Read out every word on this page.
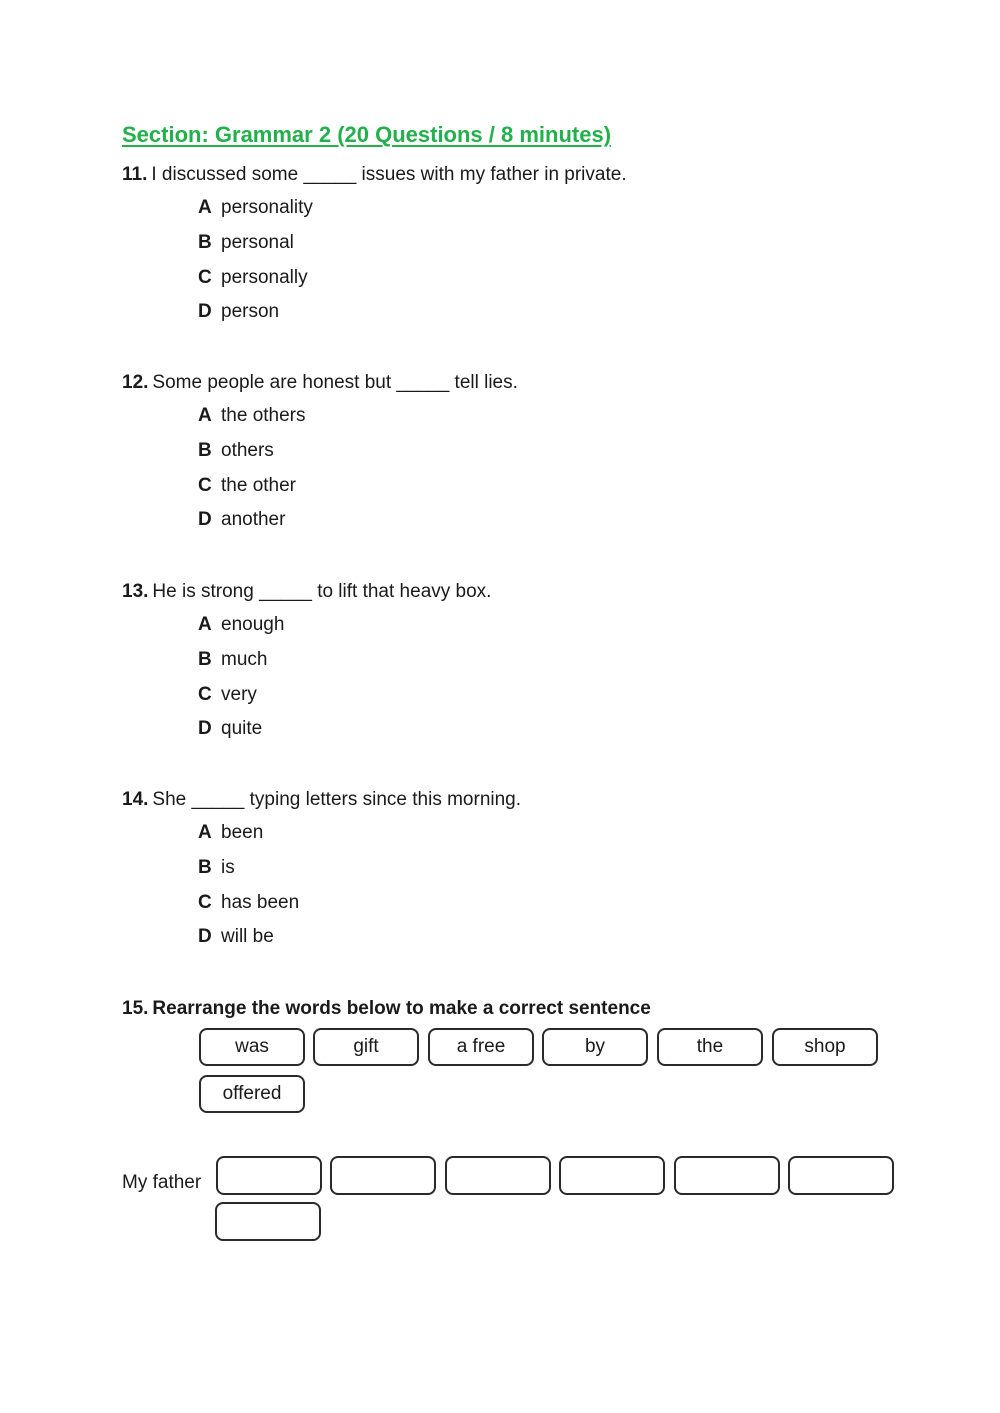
Section: Grammar 2 (20 Questions / 8 minutes)
11. I discussed some _____ issues with my father in private.
A personality
B personal
C personally
D person
12. Some people are honest but _____ tell lies.
A the others
B others
C the other
D another
13. He is strong _____ to lift that heavy box.
A enough
B much
C very
D quite
14. She _____ typing letters since this morning.
A been
B is
C has been
D will be
15. Rearrange the words below to make a correct sentence
was	gift	a free	by	the	shop
offered
My father
